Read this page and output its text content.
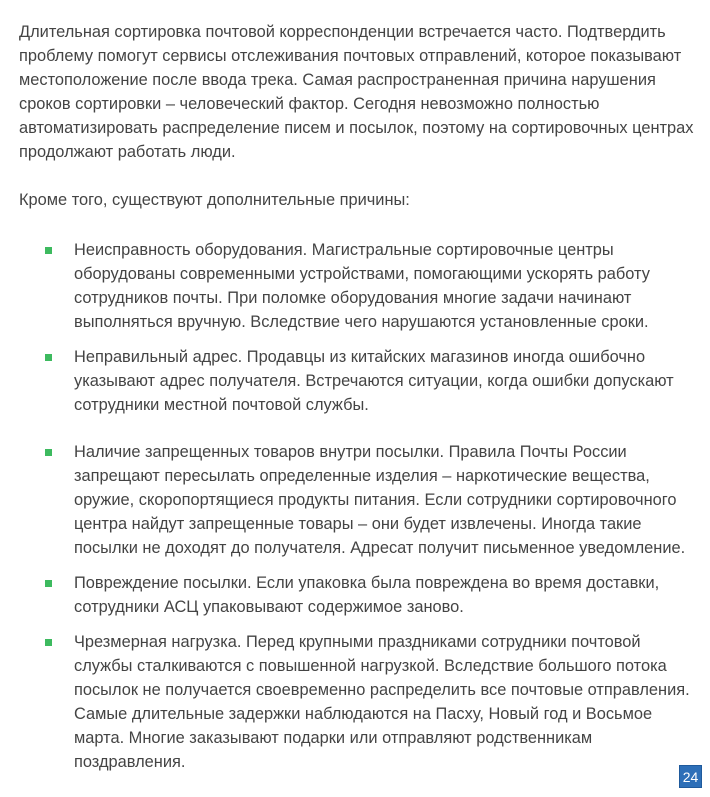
Длительная сортировка почтовой корреспонденции встречается часто. Подтвердить проблему помогут сервисы отслеживания почтовых отправлений, которое показывают местоположение после ввода трека. Самая распространенная причина нарушения сроков сортировки – человеческий фактор. Сегодня невозможно полностью автоматизировать распределение писем и посылок, поэтому на сортировочных центрах продолжают работать люди.

Кроме того, существуют дополнительные причины:

Неисправность оборудования. Магистральные сортировочные центры оборудованы современными устройствами, помогающими ускорять работу сотрудников почты. При поломке оборудования многие задачи начинают выполняться вручную. Вследствие чего нарушаются установленные сроки.
Неправильный адрес. Продавцы из китайских магазинов иногда ошибочно указывают адрес получателя. Встречаются ситуации, когда ошибки допускают сотрудники местной почтовой службы.
Наличие запрещенных товаров внутри посылки. Правила Почты России запрещают пересылать определенные изделия – наркотические вещества, оружие, скоропортящиеся продукты питания. Если сотрудники сортировочного центра найдут запрещенные товары – они будет извлечены. Иногда такие посылки не доходят до получателя. Адресат получит письменное уведомление.
Повреждение посылки. Если упаковка была повреждена во время доставки, сотрудники АСЦ упаковывают содержимое заново.
Чрезмерная нагрузка. Перед крупными праздниками сотрудники почтовой службы сталкиваются с повышенной нагрузкой. Вследствие большого потока посылок не получается своевременно распределить все почтовые отправления. Самые длительные задержки наблюдаются на Пасху, Новый год и Восьмое марта. Многие заказывают подарки или отправляют родственникам поздравления.
24
